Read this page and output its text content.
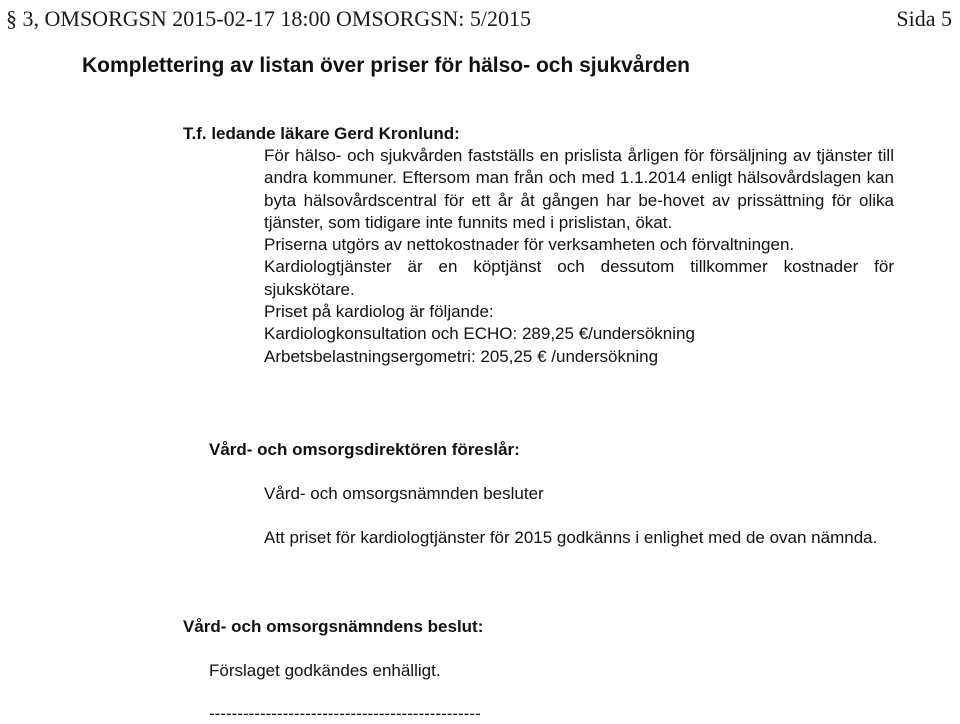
§ 3, OMSORGSN 2015-02-17 18:00 OMSORGSN: 5/2015	Sida 5
Komplettering av listan över priser för hälso- och sjukvården
T.f. ledande läkare Gerd Kronlund:

För hälso- och sjukvården fastställs en prislista årligen för försäljning av tjänster till andra kommuner. Eftersom man från och med 1.1.2014 enligt hälsovårdslagen kan byta hälsovårdscentral för ett år åt gången har be-hovet av prissättning för olika tjänster, som tidigare inte funnits med i prislistan, ökat.

Priserna utgörs av nettokostnader för verksamheten och förvaltningen.

Kardiologtjänster är en köptjänst och dessutom tillkommer kostnader för sjukskötare.

Priset på kardiolog är följande:

Kardiologkonsultation och ECHO: 289,25 €/undersökning

Arbetsbelastningsergometri: 205,25 € /undersökning

Vård- och omsorgsdirektören föreslår:
Vård- och omsorgsnämnden besluter
Att priset för kardiologtjänster för 2015 godkänns i enlighet med de ovan nämnda.
Vård- och omsorgsnämndens beslut:
Förslaget godkändes enhälligt.
------------------------------------------------
